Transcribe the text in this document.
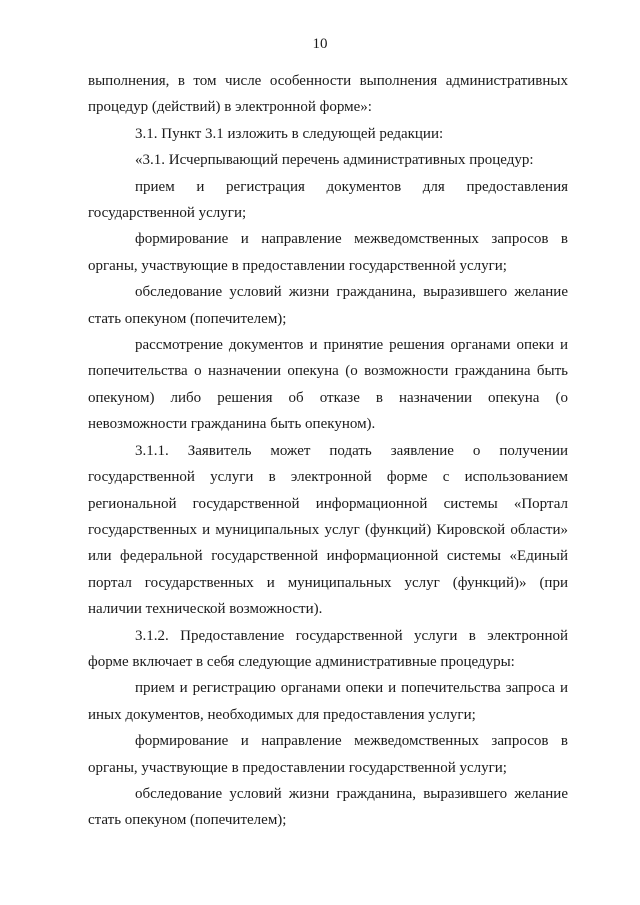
10

выполнения, в том числе особенности выполнения административных процедур (действий) в электронной форме»:

3.1. Пункт 3.1 изложить в следующей редакции:

«3.1. Исчерпывающий перечень административных процедур:

прием и регистрация документов для предоставления государственной услуги;

формирование и направление межведомственных запросов в органы, участвующие в предоставлении государственной услуги;

обследование условий жизни гражданина, выразившего желание стать опекуном (попечителем);

рассмотрение документов и принятие решения органами опеки и попечительства о назначении опекуна (о возможности гражданина быть опекуном) либо решения об отказе в назначении опекуна (о невозможности гражданина быть опекуном).

3.1.1. Заявитель может подать заявление о получении государственной услуги в электронной форме с использованием региональной государственной информационной системы «Портал государственных и муниципальных услуг (функций) Кировской области» или федеральной государственной информационной системы «Единый портал государственных и муниципальных услуг (функций)» (при наличии технической возможности).

3.1.2. Предоставление государственной услуги в электронной форме включает в себя следующие административные процедуры:

прием и регистрацию органами опеки и попечительства запроса и иных документов, необходимых для предоставления услуги;

формирование и направление межведомственных запросов в органы, участвующие в предоставлении государственной услуги;

обследование условий жизни гражданина, выразившего желание стать опекуном (попечителем);
